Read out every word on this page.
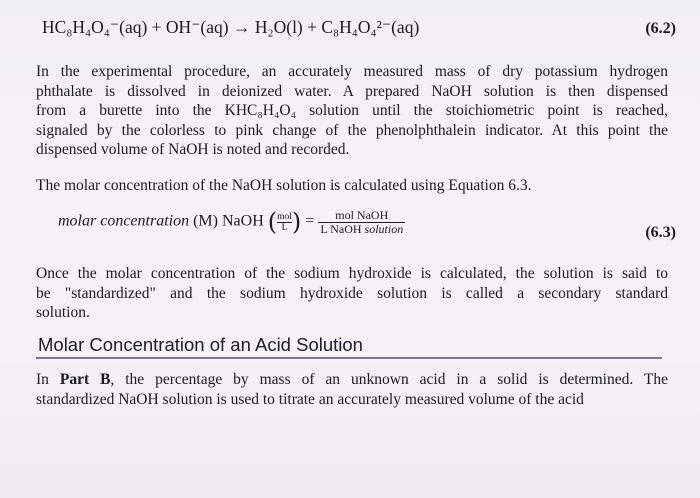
HC₈H₄O₄⁻(aq) + OH⁻(aq) → H₂O(l) + C₈H₄O₄²⁻(aq)	(6.2)
In the experimental procedure, an accurately measured mass of dry potassium hydrogen
phthalate is dissolved in deionized water. A prepared NaOH solution is then dispensed
from a burette into the KHC₈H₄O₄ solution until the stoichiometric point is reached,
signaled by the colorless to pink change of the phenolphthalein indicator. At this point the
dispensed volume of NaOH is noted and recorded.
The molar concentration of the NaOH solution is calculated using Equation 6.3.
molar concentration (M) NaOH ( mol
L ) = $\frac{\text{mol NaOH}}{\text{L NaOH solution}}$	(6.3)
Once the molar concentration of the sodium hydroxide is calculated, the solution is said to
be "standardized" and the sodium hydroxide solution is called a secondary standard
solution.
Molar Concentration of an Acid Solution
In Part B, the percentage by mass of an unknown acid in a solid is determined. The
standardized NaOH solution is used to titrate an accurately measured volume of the acid
